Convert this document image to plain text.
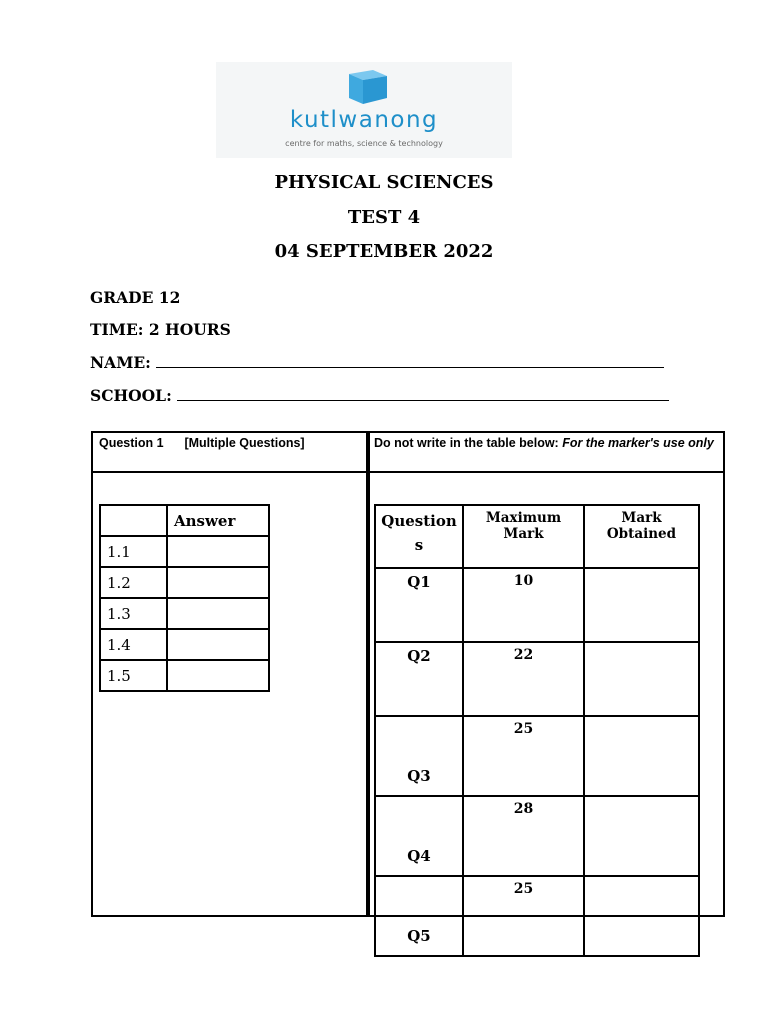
kutlwanong
centre for maths, science & technology
PHYSICAL SCIENCES
TEST 4
04 SEPTEMBER 2022
GRADE 12
TIME: 2 HOURS
NAME:
SCHOOL:
Question 1 [Multiple Questions]	Do not write in the table below: For the marker's use only
	Answer
1.1	
1.2	
1.3	
1.4	
1.5	
Question s	Maximum Mark	Mark Obtained

Q1	10	

Q2	22	

Q3	25	

Q4	28	

Q5	25	
